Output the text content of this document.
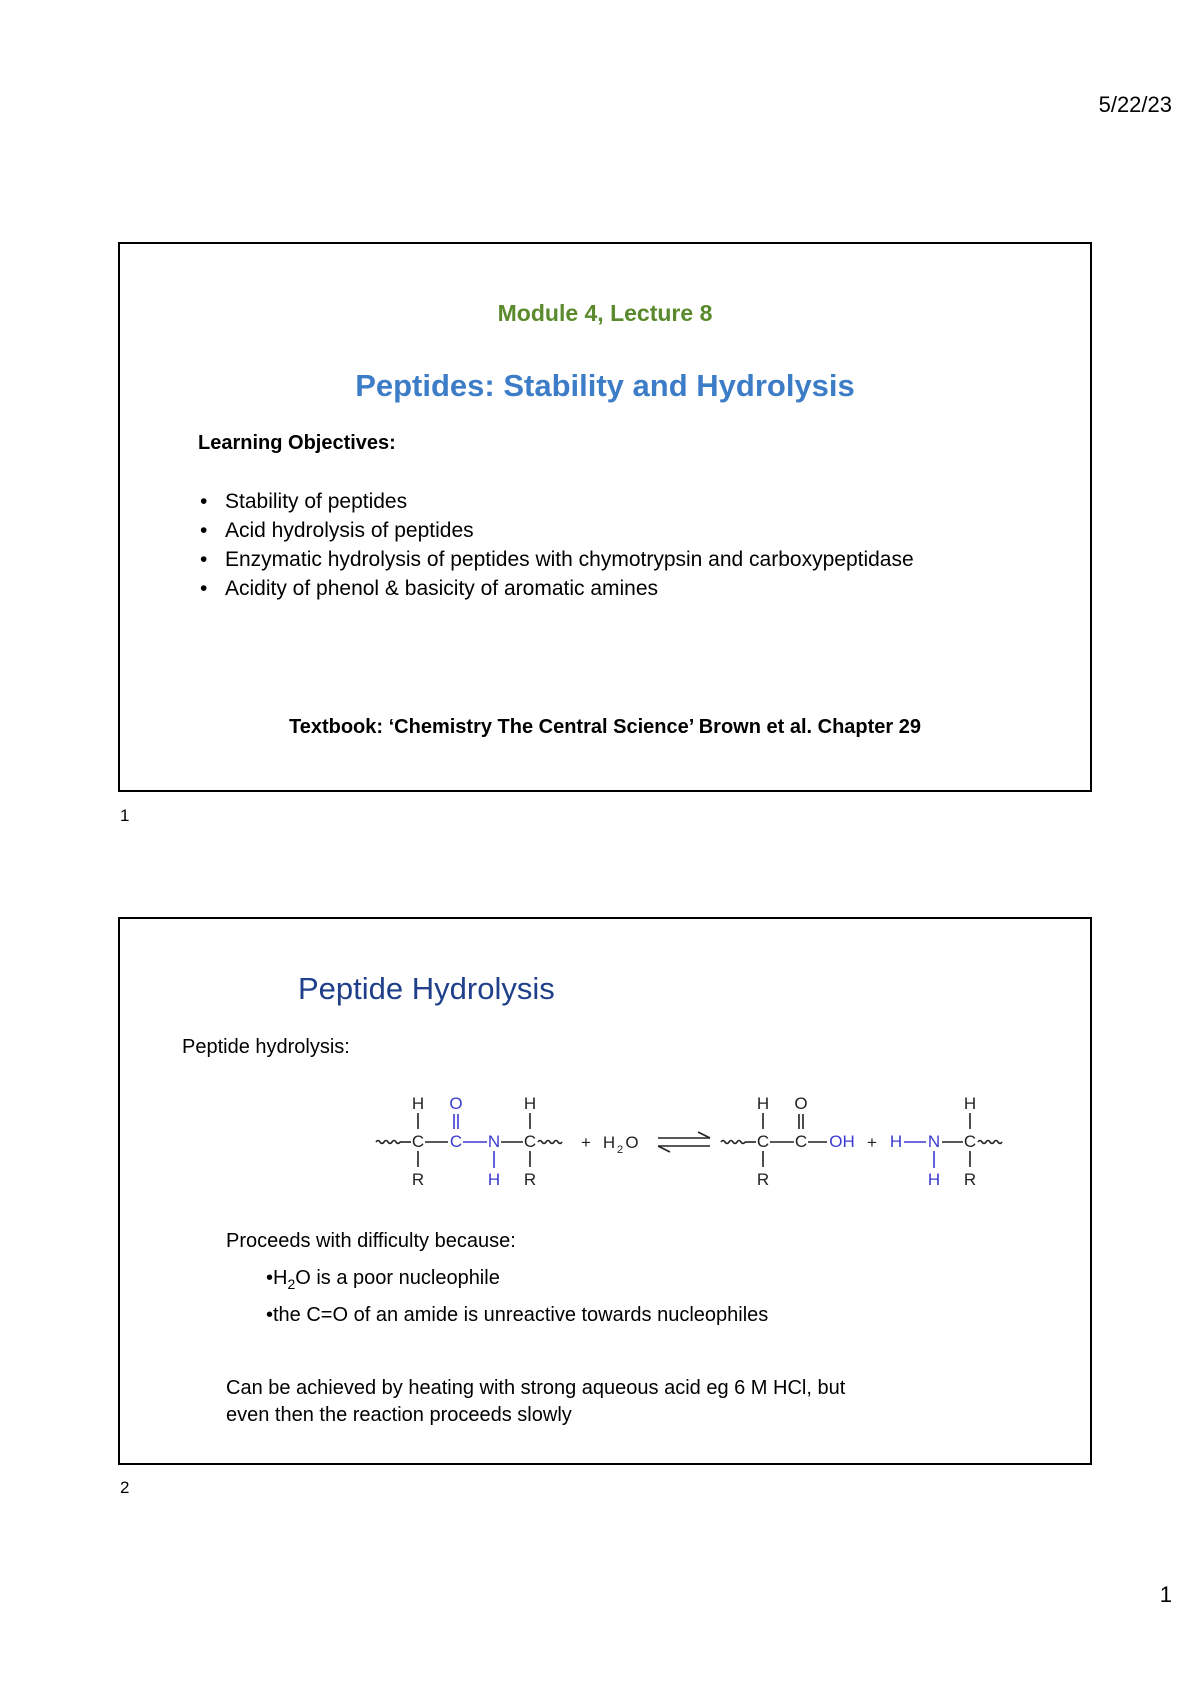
5/22/23
Module 4, Lecture 8
Peptides: Stability and Hydrolysis
Learning Objectives:
• Stability of peptides
• Acid hydrolysis of peptides
• Enzymatic hydrolysis of peptides with chymotrypsin and carboxypeptidase
• Acidity of phenol & basicity of aromatic amines
Textbook: ‘Chemistry The Central Science’ Brown et al. Chapter 29
1
Peptide Hydrolysis
Peptide hydrolysis:
H
C
R
O
C N
H
H
C
R
+ H 2 O
H
C
R
O
C OH + H N
H
H
C
R
Proceeds with difficulty because:
$•H_2O$ is a poor nucleophile
•the C=O of an amide is unreactive towards nucleophiles
Can be achieved by heating with strong aqueous acid eg 6 M HCl, but
even then the reaction proceeds slowly
2
1
